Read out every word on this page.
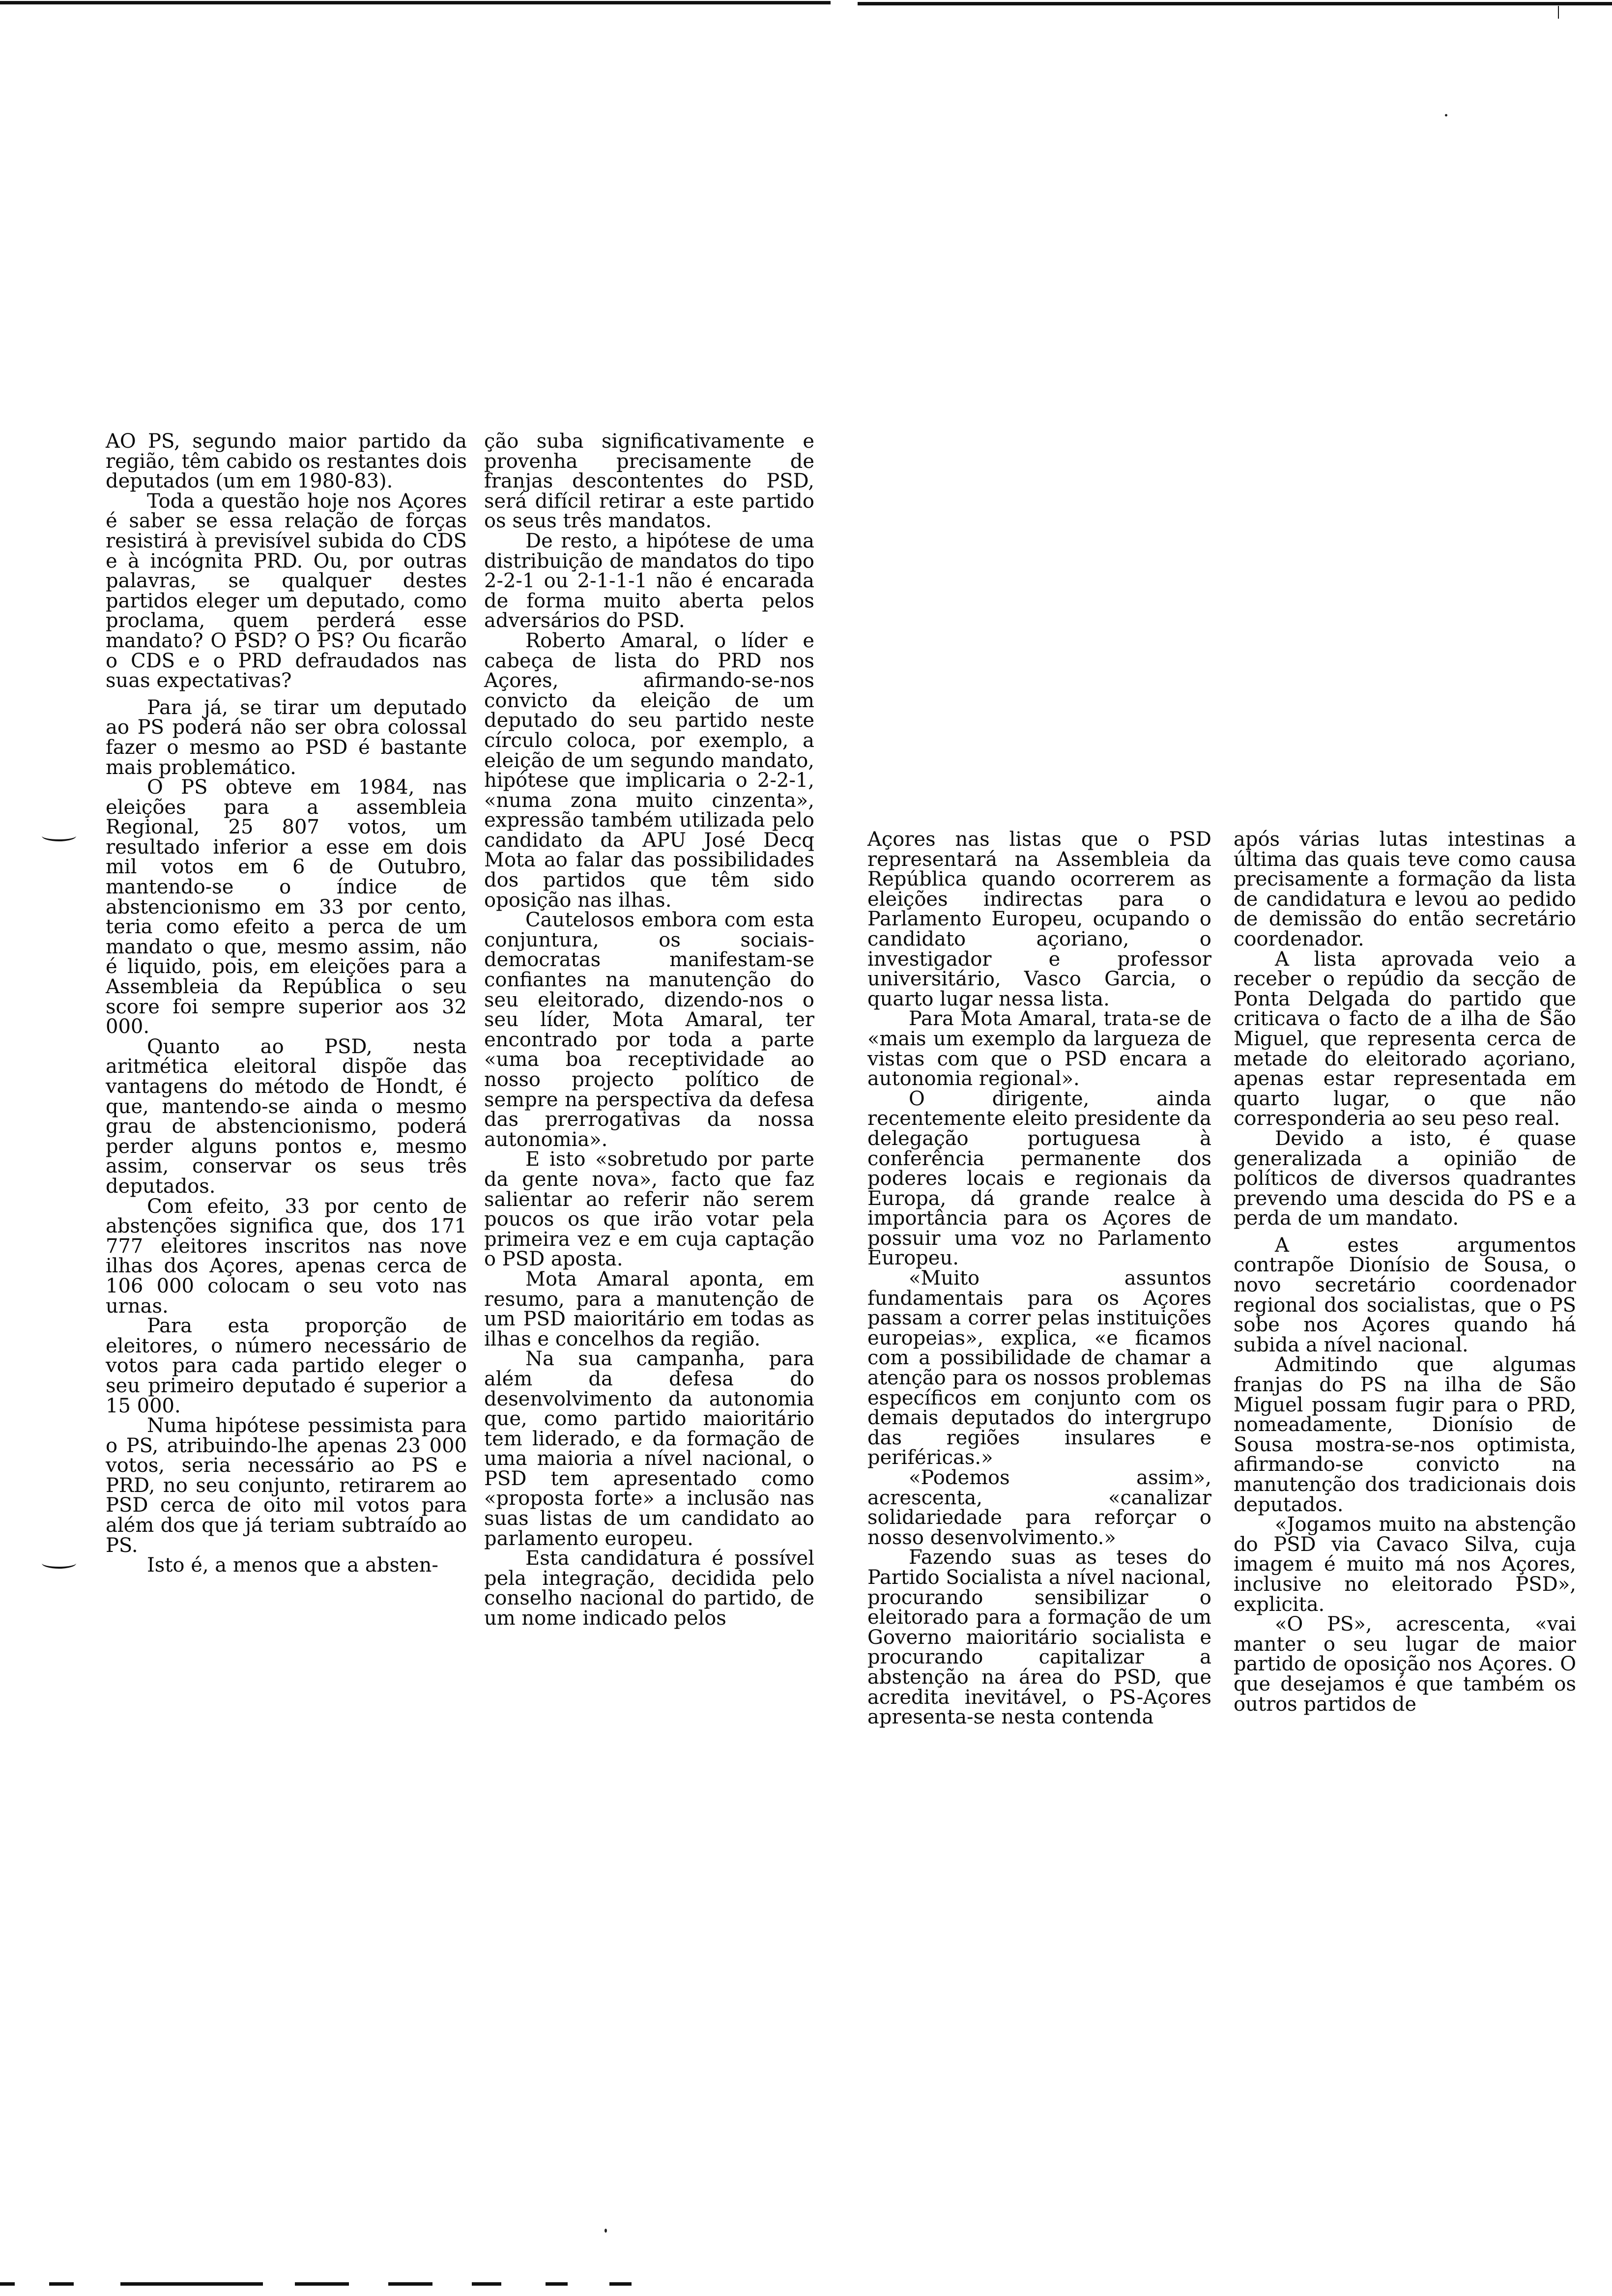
AO PS, segundo maior partido da região, têm cabido os restantes dois deputados (um em 1980-83).

Toda a questão hoje nos Açores é saber se essa relação de forças resistirá à previsível subida do CDS e à incógnita PRD. Ou, por outras palavras, se qualquer destes partidos eleger um deputado, como proclama, quem perderá esse mandato? O PSD? O PS? Ou ficarão o CDS e o PRD defraudados nas suas expectativas?

Para já, se tirar um deputado ao PS poderá não ser obra colossal fazer o mesmo ao PSD é bastante mais problemático.

O PS obteve em 1984, nas eleições para a assembleia Regional, 25 807 votos, um resultado inferior a esse em dois mil votos em 6 de Outubro, mantendo-se o índice de abstencionismo em 33 por cento, teria como efeito a perca de um mandato o que, mesmo assim, não é liquido, pois, em eleições para a Assembleia da República o seu score foi sempre superior aos 32 000.

Quanto ao PSD, nesta aritmética eleitoral dispõe das vantagens do método de Hondt, é que, mantendo-se ainda o mesmo grau de abstencionismo, poderá perder alguns pontos e, mesmo assim, conservar os seus três deputados.

Com efeito, 33 por cento de abstenções significa que, dos 171 777 eleitores inscritos nas nove ilhas dos Açores, apenas cerca de 106 000 colocam o seu voto nas urnas.

Para esta proporção de eleitores, o número necessário de votos para cada partido eleger o seu primeiro deputado é superior a 15 000.

Numa hipótese pessimista para o PS, atribuindo-lhe apenas 23 000 votos, seria necessário ao PS e PRD, no seu conjunto, retirarem ao PSD cerca de oito mil votos para além dos que já teriam subtraído ao PS.

Isto é, a menos que a absten-

ção suba significativamente e provenha precisamente de franjas descontentes do PSD, será difícil retirar a este partido os seus três mandatos.

De resto, a hipótese de uma distribuição de mandatos do tipo 2-2-1 ou 2-1-1-1 não é encarada de forma muito aberta pelos adversários do PSD.

Roberto Amaral, o líder e cabeça de lista do PRD nos Açores, afirmando-se-nos convicto da eleição de um deputado do seu partido neste círculo coloca, por exemplo, a eleição de um segundo mandato, hipótese que implicaria o 2-2-1, «numa zona muito cinzenta», expressão também utilizada pelo candidato da APU José Decq Mota ao falar das possibilidades dos partidos que têm sido oposição nas ilhas.

Cautelosos embora com esta conjuntura, os sociais-democratas manifestam-se confiantes na manutenção do seu eleitorado, dizendo-nos o seu líder, Mota Amaral, ter encontrado por toda a parte «uma boa receptividade ao nosso projecto político de sempre na perspectiva da defesa das prerrogativas da nossa autonomia».

E isto «sobretudo por parte da gente nova», facto que faz salientar ao referir não serem poucos os que irão votar pela primeira vez e em cuja captação o PSD aposta.

Mota Amaral aponta, em resumo, para a manutenção de um PSD maioritário em todas as ilhas e concelhos da região.

Na sua campanha, para além da defesa do desenvolvimento da autonomia que, como partido maioritário tem liderado, e da formação de uma maioria a nível nacional, o PSD tem apresentado como «proposta forte» a inclusão nas suas listas de um candidato ao parlamento europeu.

Esta candidatura é possível pela integração, decidida pelo conselho nacional do partido, de um nome indicado pelos

Açores nas listas que o PSD representará na Assembleia da República quando ocorrerem as eleições indirectas para o Parlamento Europeu, ocupando o candidato açoriano, o investigador e professor universitário, Vasco Garcia, o quarto lugar nessa lista.

Para Mota Amaral, trata-se de «mais um exemplo da largueza de vistas com que o PSD encara a autonomia regional».

O dirigente, ainda recentemente eleito presidente da delegação portuguesa à conferência permanente dos poderes locais e regionais da Europa, dá grande realce à importância para os Açores de possuir uma voz no Parlamento Europeu.

«Muito assuntos fundamentais para os Açores passam a correr pelas instituições europeias», explica, «e ficamos com a possibilidade de chamar a atenção para os nossos problemas específicos em conjunto com os demais deputados do intergrupo das regiões insulares e periféricas.»

«Podemos assim», acrescenta, «canalizar solidariedade para reforçar o nosso desenvolvimento.»

Fazendo suas as teses do Partido Socialista a nível nacional, procurando sensibilizar o eleitorado para a formação de um Governo maioritário socialista e procurando capitalizar a abstenção na área do PSD, que acredita inevitável, o PS-Açores apresenta-se nesta contenda

após várias lutas intestinas a última das quais teve como causa precisamente a formação da lista de candidatura e levou ao pedido de demissão do então secretário coordenador.

A lista aprovada veio a receber o repúdio da secção de Ponta Delgada do partido que criticava o facto de a ilha de São Miguel, que representa cerca de metade do eleitorado açoriano, apenas estar representada em quarto lugar, o que não corresponderia ao seu peso real.

Devido a isto, é quase generalizada a opinião de políticos de diversos quadrantes prevendo uma descida do PS e a perda de um mandato.

A estes argumentos contrapõe Dionísio de Sousa, o novo secretário coordenador regional dos socialistas, que o PS sobe nos Açores quando há subida a nível nacional.

Admitindo que algumas franjas do PS na ilha de São Miguel possam fugir para o PRD, nomeadamente, Dionísio de Sousa mostra-se-nos optimista, afirmando-se convicto na manutenção dos tradicionais dois deputados.

«Jogamos muito na abstenção do PSD via Cavaco Silva, cuja imagem é muito má nos Açores, inclusive no eleitorado PSD», explicita.

«O PS», acrescenta, «vai manter o seu lugar de maior partido de oposição nos Açores. O que desejamos é que também os outros partidos de
